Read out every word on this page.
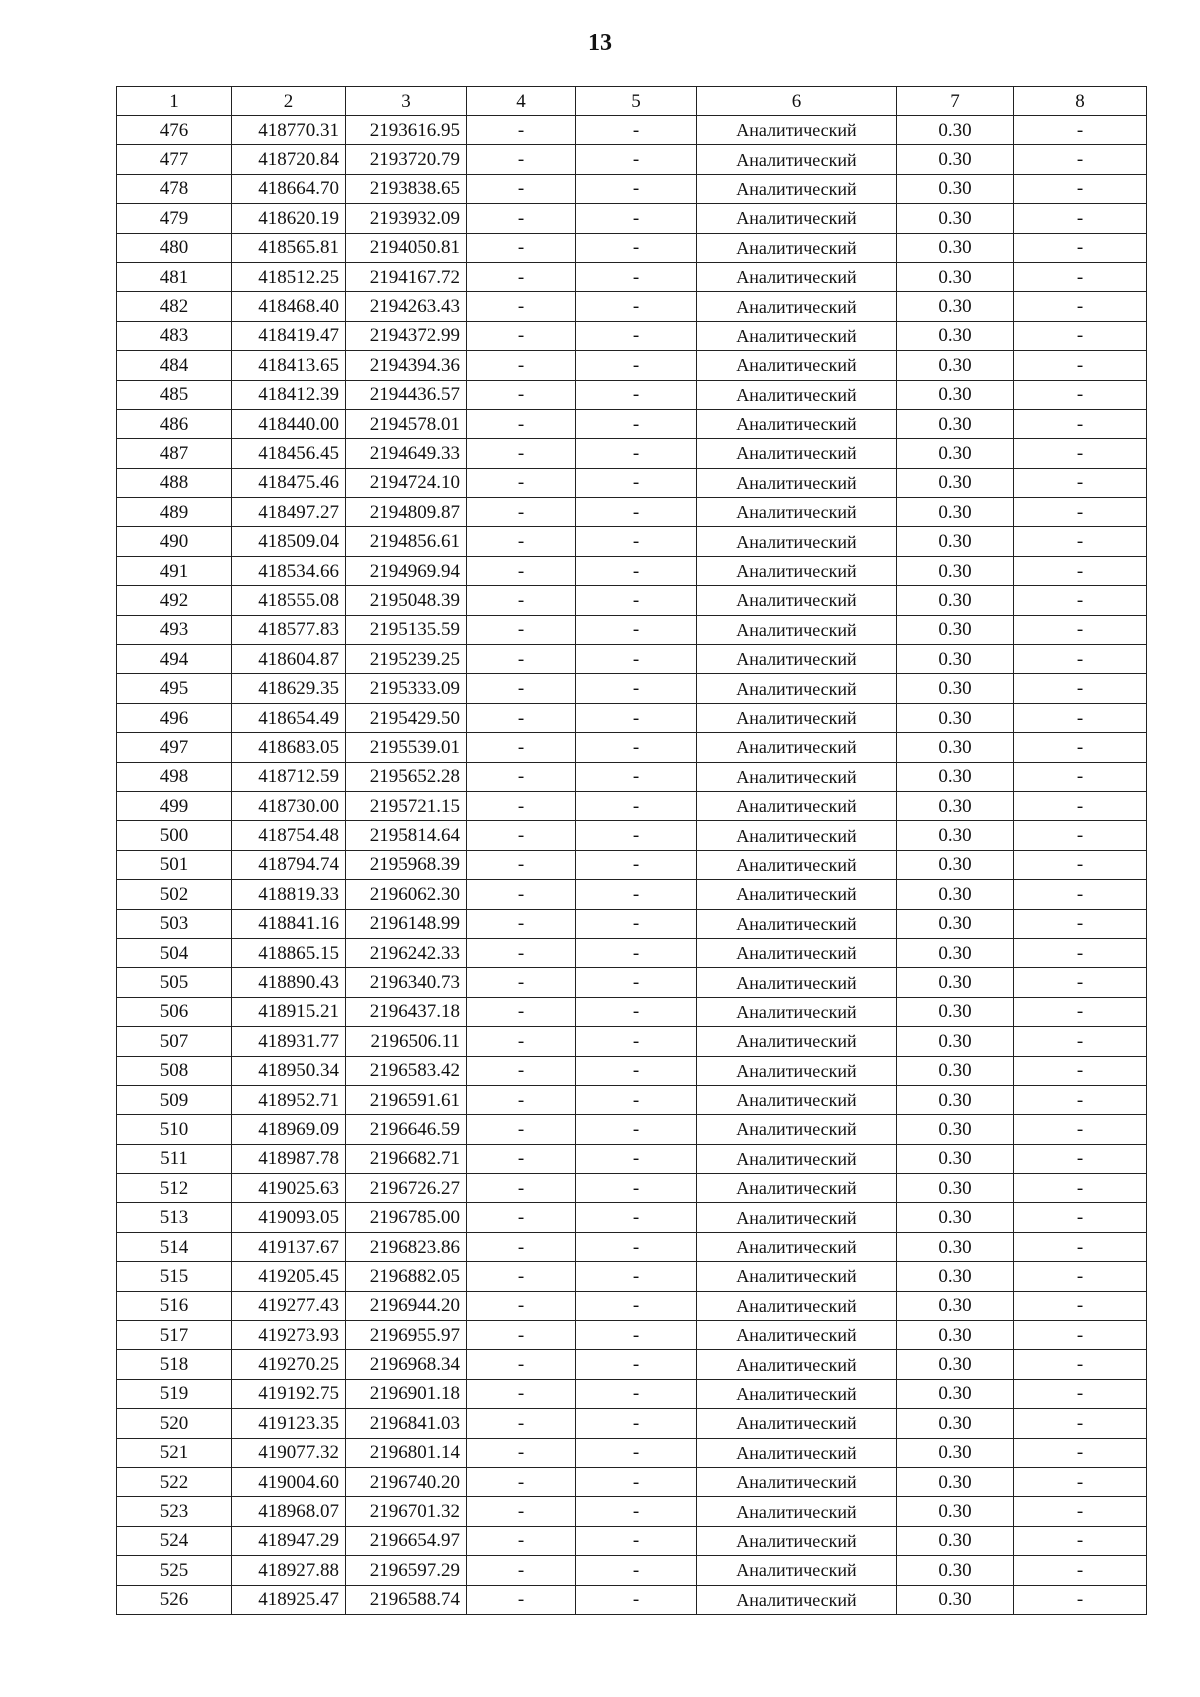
13
1	2	3	4	5	6	7	8
476	418770.31	2193616.95	-	-	Аналитический	0.30	-
477	418720.84	2193720.79	-	-	Аналитический	0.30	-
478	418664.70	2193838.65	-	-	Аналитический	0.30	-
479	418620.19	2193932.09	-	-	Аналитический	0.30	-
480	418565.81	2194050.81	-	-	Аналитический	0.30	-
481	418512.25	2194167.72	-	-	Аналитический	0.30	-
482	418468.40	2194263.43	-	-	Аналитический	0.30	-
483	418419.47	2194372.99	-	-	Аналитический	0.30	-
484	418413.65	2194394.36	-	-	Аналитический	0.30	-
485	418412.39	2194436.57	-	-	Аналитический	0.30	-
486	418440.00	2194578.01	-	-	Аналитический	0.30	-
487	418456.45	2194649.33	-	-	Аналитический	0.30	-
488	418475.46	2194724.10	-	-	Аналитический	0.30	-
489	418497.27	2194809.87	-	-	Аналитический	0.30	-
490	418509.04	2194856.61	-	-	Аналитический	0.30	-
491	418534.66	2194969.94	-	-	Аналитический	0.30	-
492	418555.08	2195048.39	-	-	Аналитический	0.30	-
493	418577.83	2195135.59	-	-	Аналитический	0.30	-
494	418604.87	2195239.25	-	-	Аналитический	0.30	-
495	418629.35	2195333.09	-	-	Аналитический	0.30	-
496	418654.49	2195429.50	-	-	Аналитический	0.30	-
497	418683.05	2195539.01	-	-	Аналитический	0.30	-
498	418712.59	2195652.28	-	-	Аналитический	0.30	-
499	418730.00	2195721.15	-	-	Аналитический	0.30	-
500	418754.48	2195814.64	-	-	Аналитический	0.30	-
501	418794.74	2195968.39	-	-	Аналитический	0.30	-
502	418819.33	2196062.30	-	-	Аналитический	0.30	-
503	418841.16	2196148.99	-	-	Аналитический	0.30	-
504	418865.15	2196242.33	-	-	Аналитический	0.30	-
505	418890.43	2196340.73	-	-	Аналитический	0.30	-
506	418915.21	2196437.18	-	-	Аналитический	0.30	-
507	418931.77	2196506.11	-	-	Аналитический	0.30	-
508	418950.34	2196583.42	-	-	Аналитический	0.30	-
509	418952.71	2196591.61	-	-	Аналитический	0.30	-
510	418969.09	2196646.59	-	-	Аналитический	0.30	-
511	418987.78	2196682.71	-	-	Аналитический	0.30	-
512	419025.63	2196726.27	-	-	Аналитический	0.30	-
513	419093.05	2196785.00	-	-	Аналитический	0.30	-
514	419137.67	2196823.86	-	-	Аналитический	0.30	-
515	419205.45	2196882.05	-	-	Аналитический	0.30	-
516	419277.43	2196944.20	-	-	Аналитический	0.30	-
517	419273.93	2196955.97	-	-	Аналитический	0.30	-
518	419270.25	2196968.34	-	-	Аналитический	0.30	-
519	419192.75	2196901.18	-	-	Аналитический	0.30	-
520	419123.35	2196841.03	-	-	Аналитический	0.30	-
521	419077.32	2196801.14	-	-	Аналитический	0.30	-
522	419004.60	2196740.20	-	-	Аналитический	0.30	-
523	418968.07	2196701.32	-	-	Аналитический	0.30	-
524	418947.29	2196654.97	-	-	Аналитический	0.30	-
525	418927.88	2196597.29	-	-	Аналитический	0.30	-
526	418925.47	2196588.74	-	-	Аналитический	0.30	-
